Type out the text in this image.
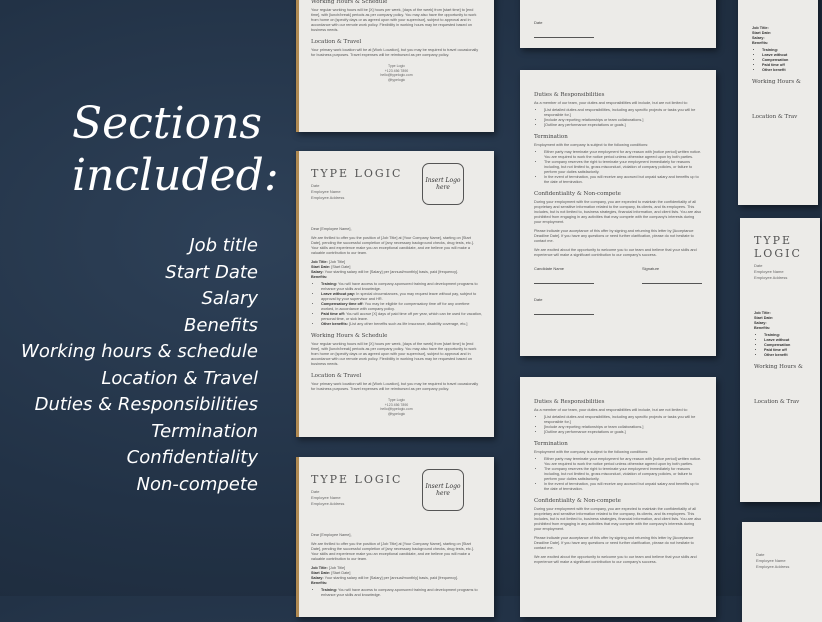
Sections
included:
Job title
Start Date
Salary
Benefits
Working hours & schedule
Location & Travel
Duties & Responsibilities
Termination
Confidentiality
Non-compete
Working Hours & Schedule
Your regular working hours will be [X] hours per week, [days of the week] from [start time] to [end time], with [lunch/break] periods as per company policy. You may also have the opportunity to work from home on [specify days or as agreed upon with your supervisor], subject to approval and in accordance with our remote work policy. Flexibility in working hours may be requested based on business needs.
Location & Travel
Your primary work location will be at [Work Location], but you may be required to travel occasionally for business purposes. Travel expenses will be reimbursed as per company policy.
Type Logic
+123 456 7890
hello@typelogic.com
@typelogic
TYPE LOGIC
Date
Employee Name
Employee Address
Insert Logo here
Dear [Employee Name],
We are thrilled to offer you the position of [Job Title] at [Your Company Name], starting on [Start Date], pending the successful completion of [any necessary background checks, drug tests, etc.]. Your skills and experience make you an exceptional candidate, and we believe you will make a valuable contribution to our team.
Job Title: [Job Title]
Start Date: [Start Date]
Salary: Your starting salary will be [Salary] per [annual/monthly] basis, paid [frequency].
Benefits:
• Training: You will have access to company-sponsored training and development programs to enhance your skills and knowledge.
• Leave without pay: In special circumstances, you may request leave without pay, subject to approval by your supervisor and HR.
• Compensatory time off: You may be eligible for compensatory time off for any overtime worked, in accordance with company policy.
• Paid time off: You will accrue [X] days of paid time off per year, which can be used for vacation, personal time, or sick leave.
• Other benefits: [List any other benefits such as life insurance, disability coverage, etc.]
Working Hours & Schedule
Your regular working hours will be [X] hours per week, [days of the week] from [start time] to [end time], with [lunch/break] periods as per company policy. You may also have the opportunity to work from home on [specify days or as agreed upon with your supervisor], subject to approval and in accordance with our remote work policy. Flexibility in working hours may be requested based on business needs.
Location & Travel
Your primary work location will be at [Work Location], but you may be required to travel occasionally for business purposes. Travel expenses will be reimbursed as per company policy.
Type Logic
+123 456 7890
hello@typelogic.com
@typelogic
TYPE LOGIC
Date
Employee Name
Employee Address
Insert Logo here
Dear [Employee Name],
We are thrilled to offer you the position of [Job Title] at [Your Company Name], starting on [Start Date], pending the successful completion of [any necessary background checks, drug tests, etc.]. Your skills and experience make you an exceptional candidate, and we believe you will make a valuable contribution to our team.
Job Title: [Job Title]
Start Date: [Start Date]
Salary: Your starting salary will be [Salary] per [annual/monthly] basis, paid [frequency].
Benefits:
• Training: You will have access to company-sponsored training and development programs to enhance your skills and knowledge.
Date
Duties & Responsibilities
As a member of our team, your duties and responsibilities will include, but are not limited to:
• [List detailed duties and responsibilities, including any specific projects or tasks you will be responsible for.]
• [Include any reporting relationships or team collaborations.]
• [Outline any performance expectations or goals.]
Termination
Employment with the company is subject to the following conditions:
• Either party may terminate your employment for any reason with [notice period] written notice. You are required to work the notice period unless otherwise agreed upon by both parties.
• The company reserves the right to terminate your employment immediately for reasons including, but not limited to, gross misconduct, violation of company policies, or failure to perform your duties satisfactorily.
• In the event of termination, you will receive any accrued but unpaid salary and benefits up to the date of termination.
Confidentiality & Non-compete
During your employment with the company, you are expected to maintain the confidentiality of all proprietary and sensitive information related to the company, its clients, and its employees. This includes, but is not limited to, business strategies, financial information, and client lists. You are also prohibited from engaging in any activities that may compete with the company's interests during your employment.
Please indicate your acceptance of this offer by signing and returning this letter by [Acceptance Deadline Date]. If you have any questions or need further clarification, please do not hesitate to contact me.
We are excited about the opportunity to welcome you to our team and believe that your skills and experience will make a significant contribution to our company's success.
Candidate Name	Signature
Date
Duties & Responsibilities
As a member of our team, your duties and responsibilities will include, but are not limited to:
• [List detailed duties and responsibilities, including any specific projects or tasks you will be responsible for.]
• [Include any reporting relationships or team collaborations.]
• [Outline any performance expectations or goals.]
Termination
Employment with the company is subject to the following conditions:
• Either party may terminate your employment for any reason with [notice period] written notice. You are required to work the notice period unless otherwise agreed upon by both parties.
• The company reserves the right to terminate your employment immediately for reasons including, but not limited to, gross misconduct, violation of company policies, or failure to perform your duties satisfactorily.
• In the event of termination, you will receive any accrued but unpaid salary and benefits up to the date of termination.
Confidentiality & Non-compete
During your employment with the company, you are expected to maintain the confidentiality of all proprietary and sensitive information related to the company, its clients, and its employees. This includes, but is not limited to, business strategies, financial information, and client lists. You are also prohibited from engaging in any activities that may compete with the company's interests during your employment.
Please indicate your acceptance of this offer by signing and returning this letter by [Acceptance Deadline Date]. If you have any questions or need further clarification, please do not hesitate to contact me.
We are excited about the opportunity to welcome you to our team and believe that your skills and experience will make a significant contribution to our company's success.
Job Title:
Start Date:
Salary:
Benefits:
• Training:
• Leave without
• Compensation
• Paid time off
• Other benefit
Working Hours &
Location & Trav
TYPE LOGIC
Date
Employee Name
Employee Address
Job Title:
Start Date:
Salary:
Benefits:
• Training:
• Leave without
• Compensation
• Paid time off
• Other benefit
Working Hours &
Location & Trav
Date
Employee Name
Employee Address
